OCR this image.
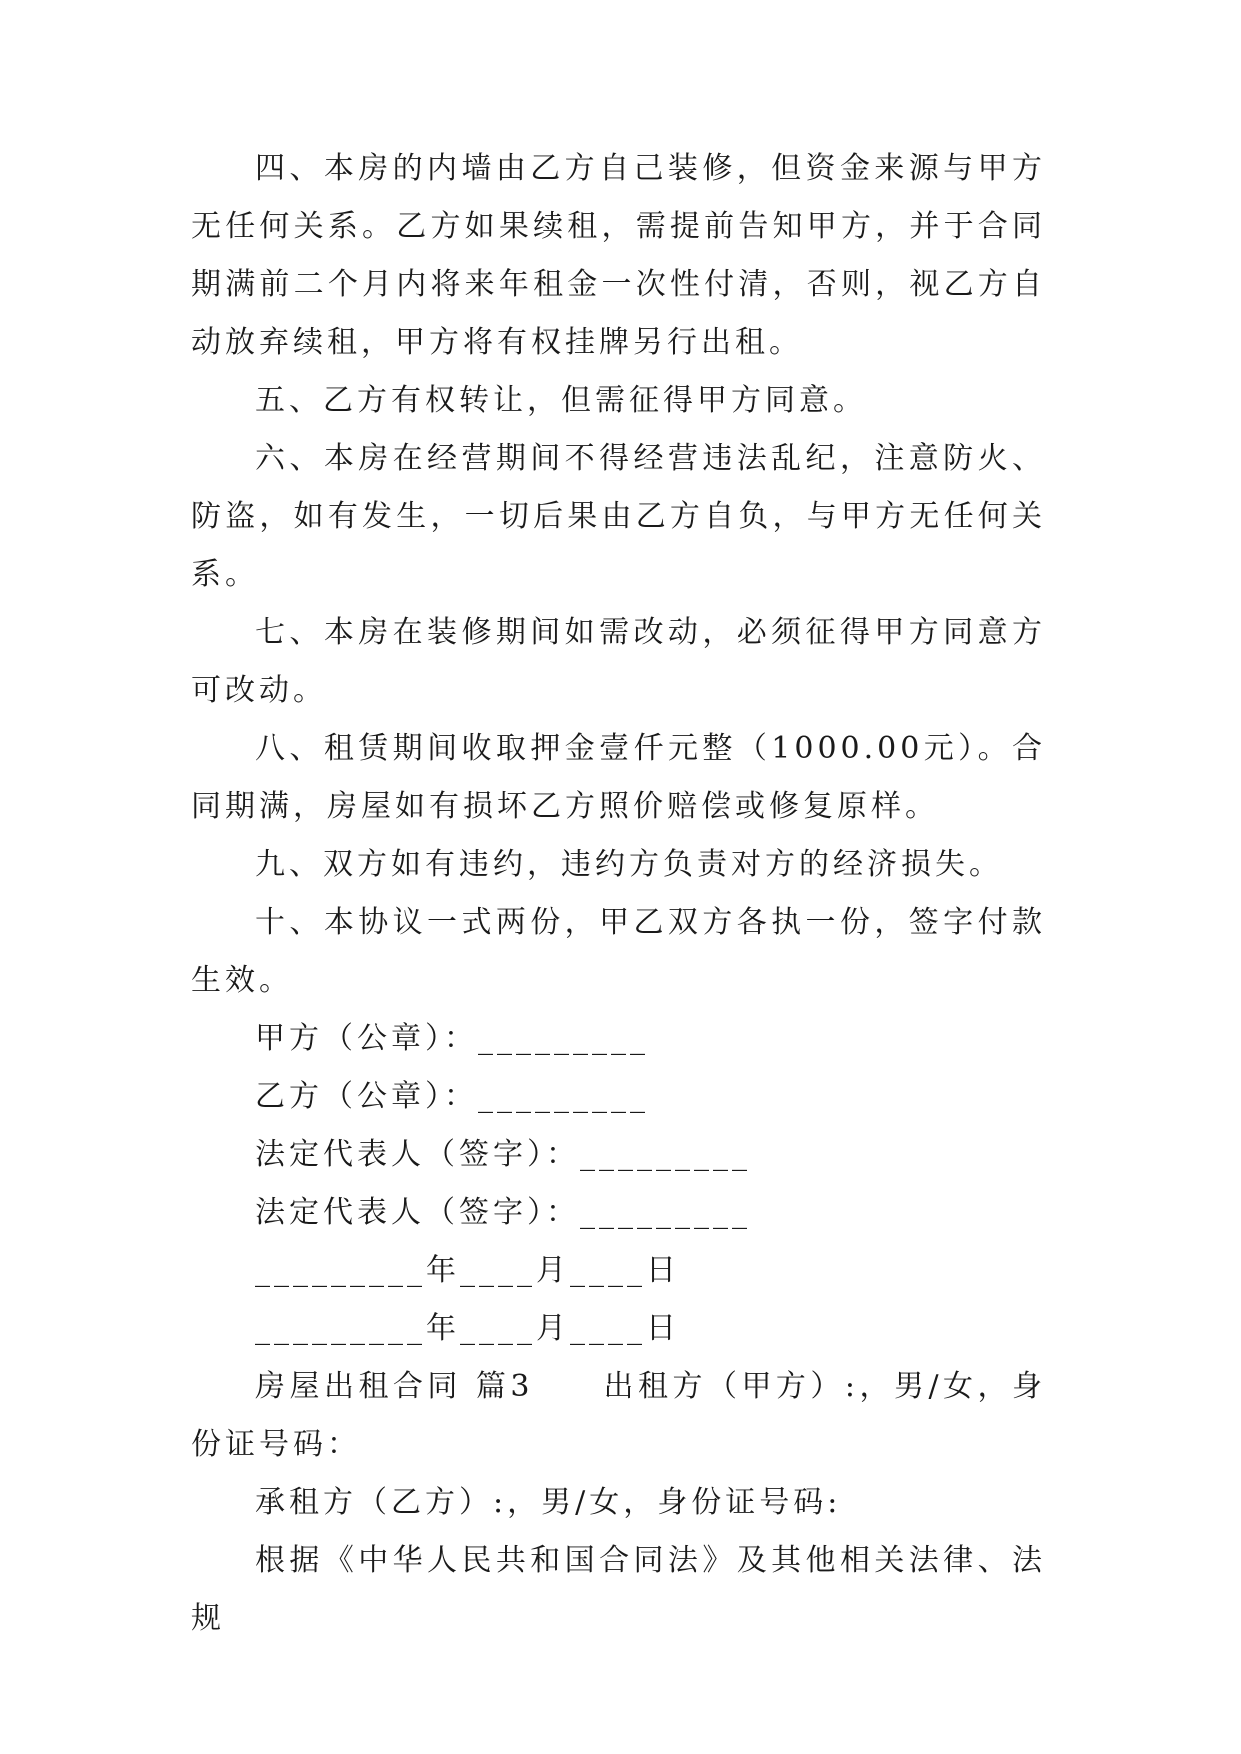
四、本房的内墙由乙方自己装修，但资金来源与甲方无任何关系。乙方如果续租，需提前告知甲方，并于合同期满前二个月内将来年租金一次性付清，否则，视乙方自动放弃续租，甲方将有权挂牌另行出租。

五、乙方有权转让，但需征得甲方同意。

六、本房在经营期间不得经营违法乱纪，注意防火、防盗，如有发生，一切后果由乙方自负，与甲方无任何关系。

七、本房在装修期间如需改动，必须征得甲方同意方可改动。

八、租赁期间收取押金壹仟元整（1000.00元）。合同期满，房屋如有损坏乙方照价赔偿或修复原样。

九、双方如有违约，违约方负责对方的经济损失。

十、本协议一式两份，甲乙双方各执一份，签字付款生效。

甲方（公章）：_________

乙方（公章）：_________

法定代表人（签字）：_________

法定代表人（签字）：_________

_________年____月____日

_________年____月____日

房屋出租合同 篇3     出租方（甲方）:，男/女，身份证号码：

承租方（乙方）:，男/女，身份证号码:

根据《中华人民共和国合同法》及其他相关法律、法规
